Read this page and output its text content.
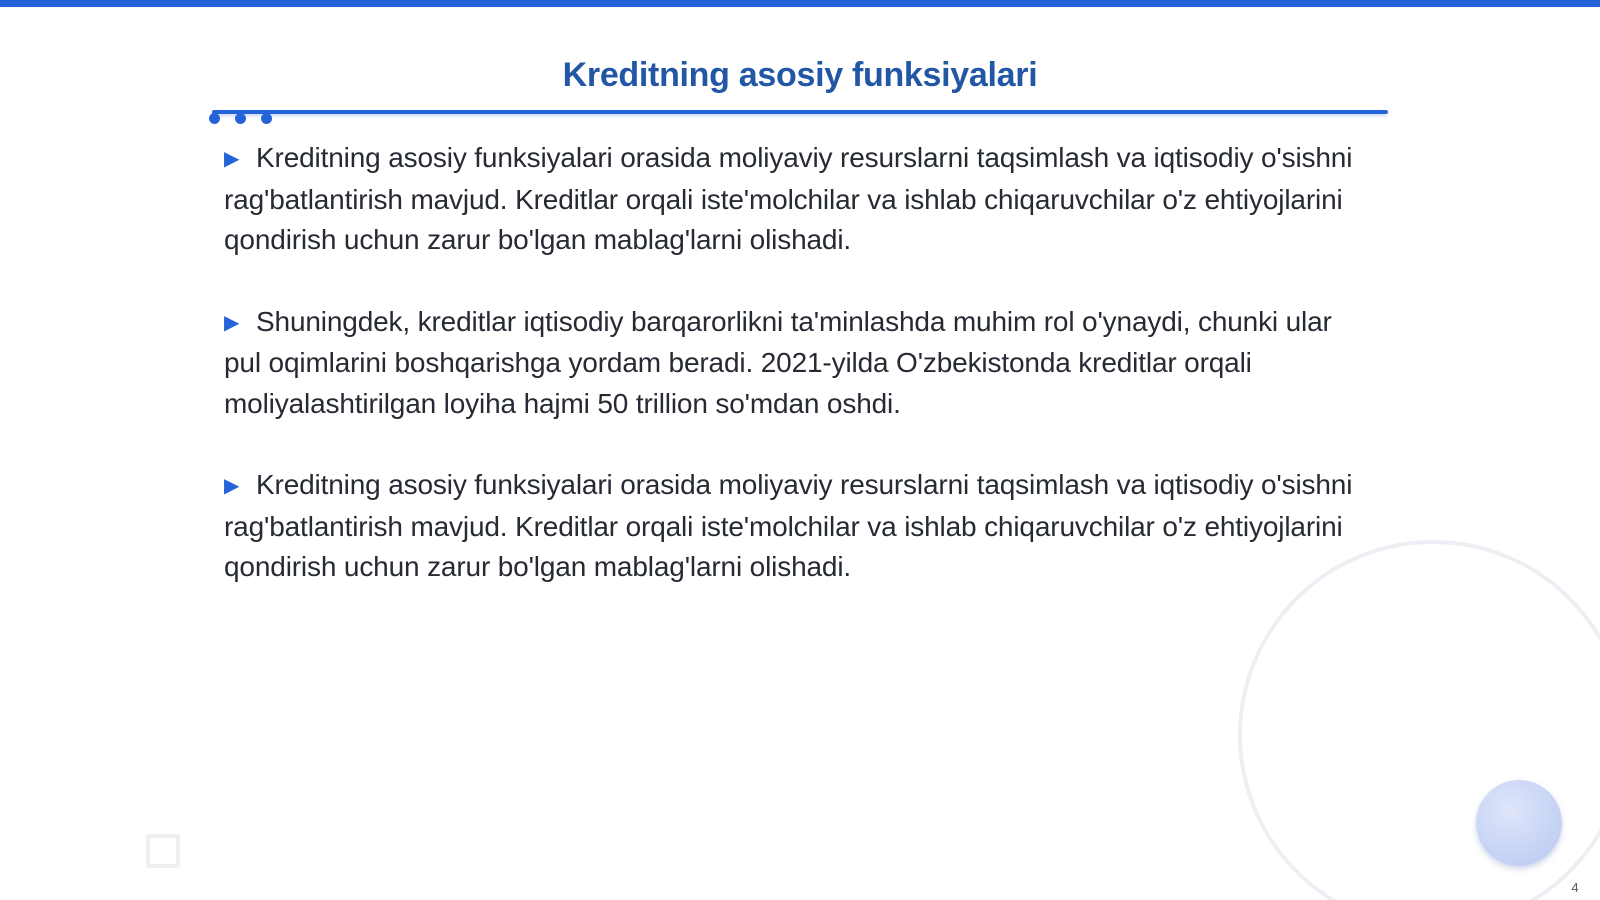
Kreditning asosiy funksiyalari
▶ Kreditning asosiy funksiyalari orasida moliyaviy resurslarni taqsimlash va iqtisodiy o'sishni rag'batlantirish mavjud. Kreditlar orqali iste'molchilar va ishlab chiqaruvchilar o'z ehtiyojlarini qondirish uchun zarur bo'lgan mablag'larni olishadi.
▶ Shuningdek, kreditlar iqtisodiy barqarorlikni ta'minlashda muhim rol o'ynaydi, chunki ular pul oqimlarini boshqarishga yordam beradi. 2021-yilda O'zbekistonda kreditlar orqali moliyalashtirilgan loyiha hajmi 50 trillion so'mdan oshdi.
▶ Kreditning asosiy funksiyalari orasida moliyaviy resurslarni taqsimlash va iqtisodiy o'sishni rag'batlantirish mavjud. Kreditlar orqali iste'molchilar va ishlab chiqaruvchilar o'z ehtiyojlarini qondirish uchun zarur bo'lgan mablag'larni olishadi.
4
